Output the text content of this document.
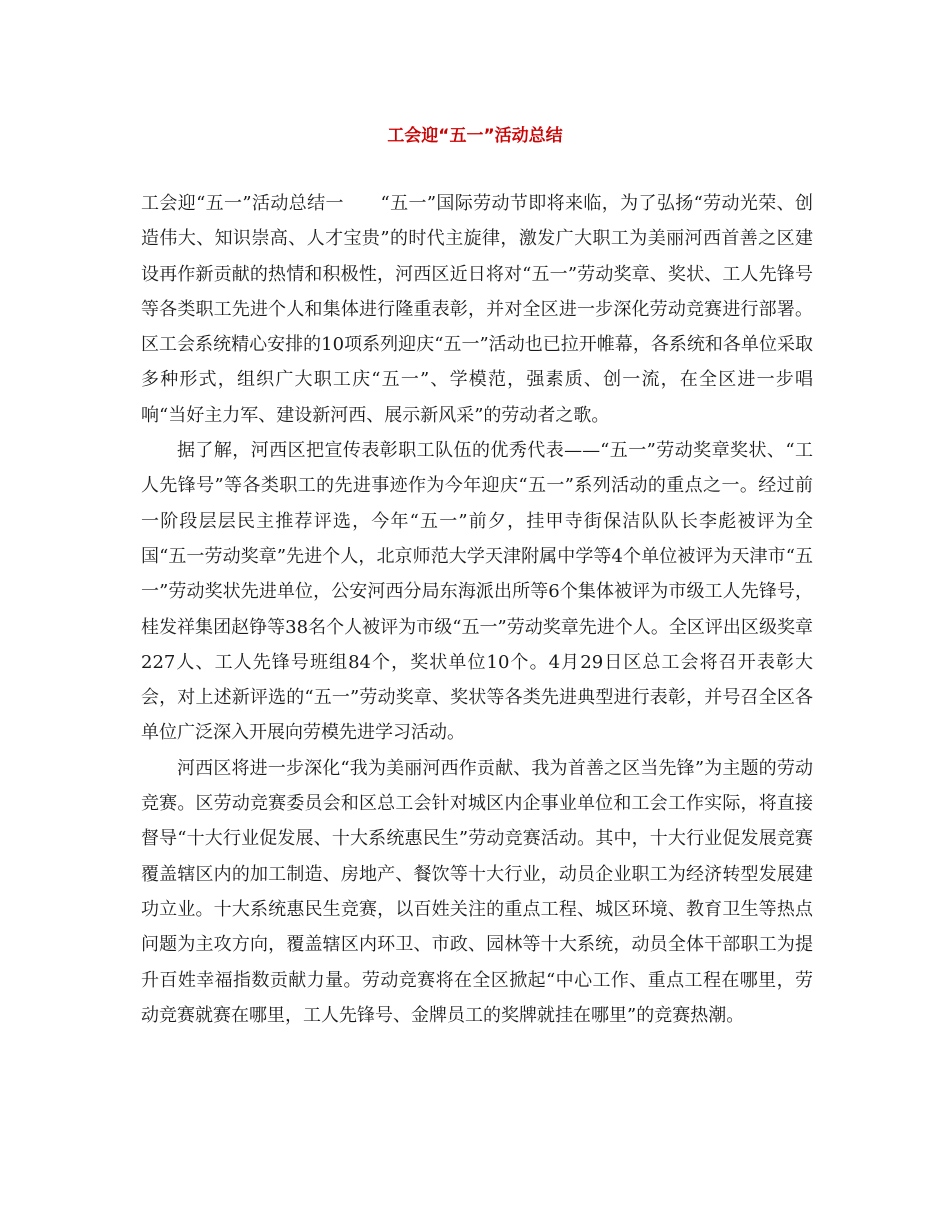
工会迎“五一”活动总结

工会迎“五一”活动总结一　　“五一”国际劳动节即将来临，为了弘扬“劳动光荣、创造伟大、知识崇高、人才宝贵”的时代主旋律，激发广大职工为美丽河西首善之区建设再作新贡献的热情和积极性，河西区近日将对“五一”劳动奖章、奖状、工人先锋号等各类职工先进个人和集体进行隆重表彰，并对全区进一步深化劳动竞赛进行部署。区工会系统精心安排的10项系列迎庆“五一”活动也已拉开帷幕，各系统和各单位采取多种形式，组织广大职工庆“五一”、学模范，强素质、创一流，在全区进一步唱响“当好主力军、建设新河西、展示新风采”的劳动者之歌。

据了解，河西区把宣传表彰职工队伍的优秀代表——“五一”劳动奖章奖状、“工人先锋号”等各类职工的先进事迹作为今年迎庆“五一”系列活动的重点之一。经过前一阶段层层民主推荐评选，今年“五一”前夕，挂甲寺街保洁队队长李彪被评为全国“五一劳动奖章”先进个人，北京师范大学天津附属中学等4个单位被评为天津市“五一”劳动奖状先进单位，公安河西分局东海派出所等6个集体被评为市级工人先锋号，桂发祥集团赵铮等38名个人被评为市级“五一”劳动奖章先进个人。全区评出区级奖章227人、工人先锋号班组84个，奖状单位10个。4月29日区总工会将召开表彰大会，对上述新评选的“五一”劳动奖章、奖状等各类先进典型进行表彰，并号召全区各单位广泛深入开展向劳模先进学习活动。

河西区将进一步深化“我为美丽河西作贡献、我为首善之区当先锋”为主题的劳动竞赛。区劳动竞赛委员会和区总工会针对城区内企事业单位和工会工作实际，将直接督导“十大行业促发展、十大系统惠民生”劳动竞赛活动。其中，十大行业促发展竞赛覆盖辖区内的加工制造、房地产、餐饮等十大行业，动员企业职工为经济转型发展建功立业。十大系统惠民生竞赛，以百姓关注的重点工程、城区环境、教育卫生等热点问题为主攻方向，覆盖辖区内环卫、市政、园林等十大系统，动员全体干部职工为提升百姓幸福指数贡献力量。劳动竞赛将在全区掀起“中心工作、重点工程在哪里，劳动竞赛就赛在哪里，工人先锋号、金牌员工的奖牌就挂在哪里”的竞赛热潮。
